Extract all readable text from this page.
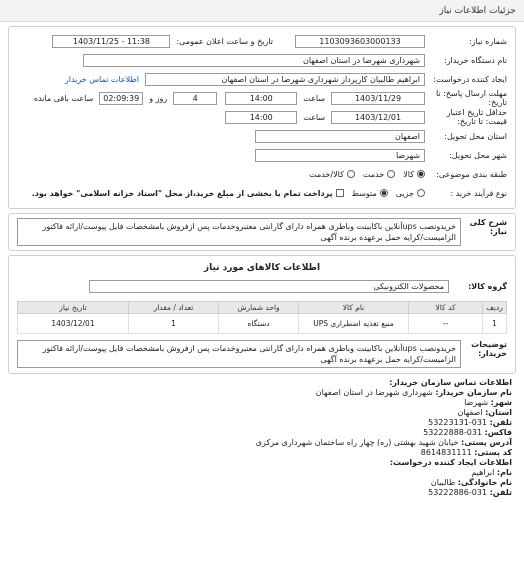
جزئیات اطلاعات نیاز
شماره نیاز:
1103093603000133
تاریخ و ساعت اعلان عمومی:
1403/11/25 - 11:38
نام دستگاه خریدار:
شهرداری شهرضا در استان اصفهان
ایجاد کننده درخواست:
ابراهیم طالبیان کارپرداز شهرداری شهرضا در استان اصفهان
اطلاعات تماس خریدار
مهلت ارسال پاسخ: تا تاریخ:
1403/11/29
ساعت
14:00
4
روز و
02:09:39
ساعت باقی مانده
حداقل تاریخ اعتبار قیمت: تا تاریخ:
1403/12/01
ساعت
14:00
استان محل تحویل:
اصفهان
شهر محل تحویل:
شهرضا
طبقه بندی موضوعی:
کالا
خدمت
کالا/خدمت
نوع فرآیند خرید :
جزیی
متوسط
پرداخت تمام یا بخشی از مبلغ خرید،از محل "اسناد خزانه اسلامی" خواهد بود.
شرح کلی نیاز:
خریدونصب upsآنلاین باکابینت وباطری همراه دارای گارانتی معتبروخدمات پس ازفروش بامشخصات فایل پیوست/ارائه فاکتور الزامیست/کرایه حمل برعهده برنده آگهی
اطلاعات کالاهای مورد نیاز
گروه کالا:
محصولات الکترونیکی
ردیف	کد کالا	نام کالا	واحد شمارش	تعداد / مقدار	تاریخ نیاز
1	--	منبع تغذیه اضطراری UPS	دستگاه	1	1403/12/01
توضیحات خریدار:
خریدونصب upsآنلاین باکابینت وباطری همراه دارای گارانتی معتبروخدمات پس ازفروش بامشخصات فایل پیوست/ارائه فاکتور الزامیست/کرایه حمل برعهده برنده آگهی
اطلاعات تماس سازمان خریدار:
نام سازمان خریدار: شهرداری شهرضا در استان اصفهان
شهر: شهرضا
استان: اصفهان
تلفن: 031-53223131
فاکس: 031-53222888
آدرس پستی: خیابان شهید بهشتی (ره) چهار راه ساختمان شهرداری مرکزی
کد پستی: 8614831111
اطلاعات ایجاد کننده درخواست:
نام: ابراهیم
نام خانوادگی: طالبیان
تلفن: 031-53222886
